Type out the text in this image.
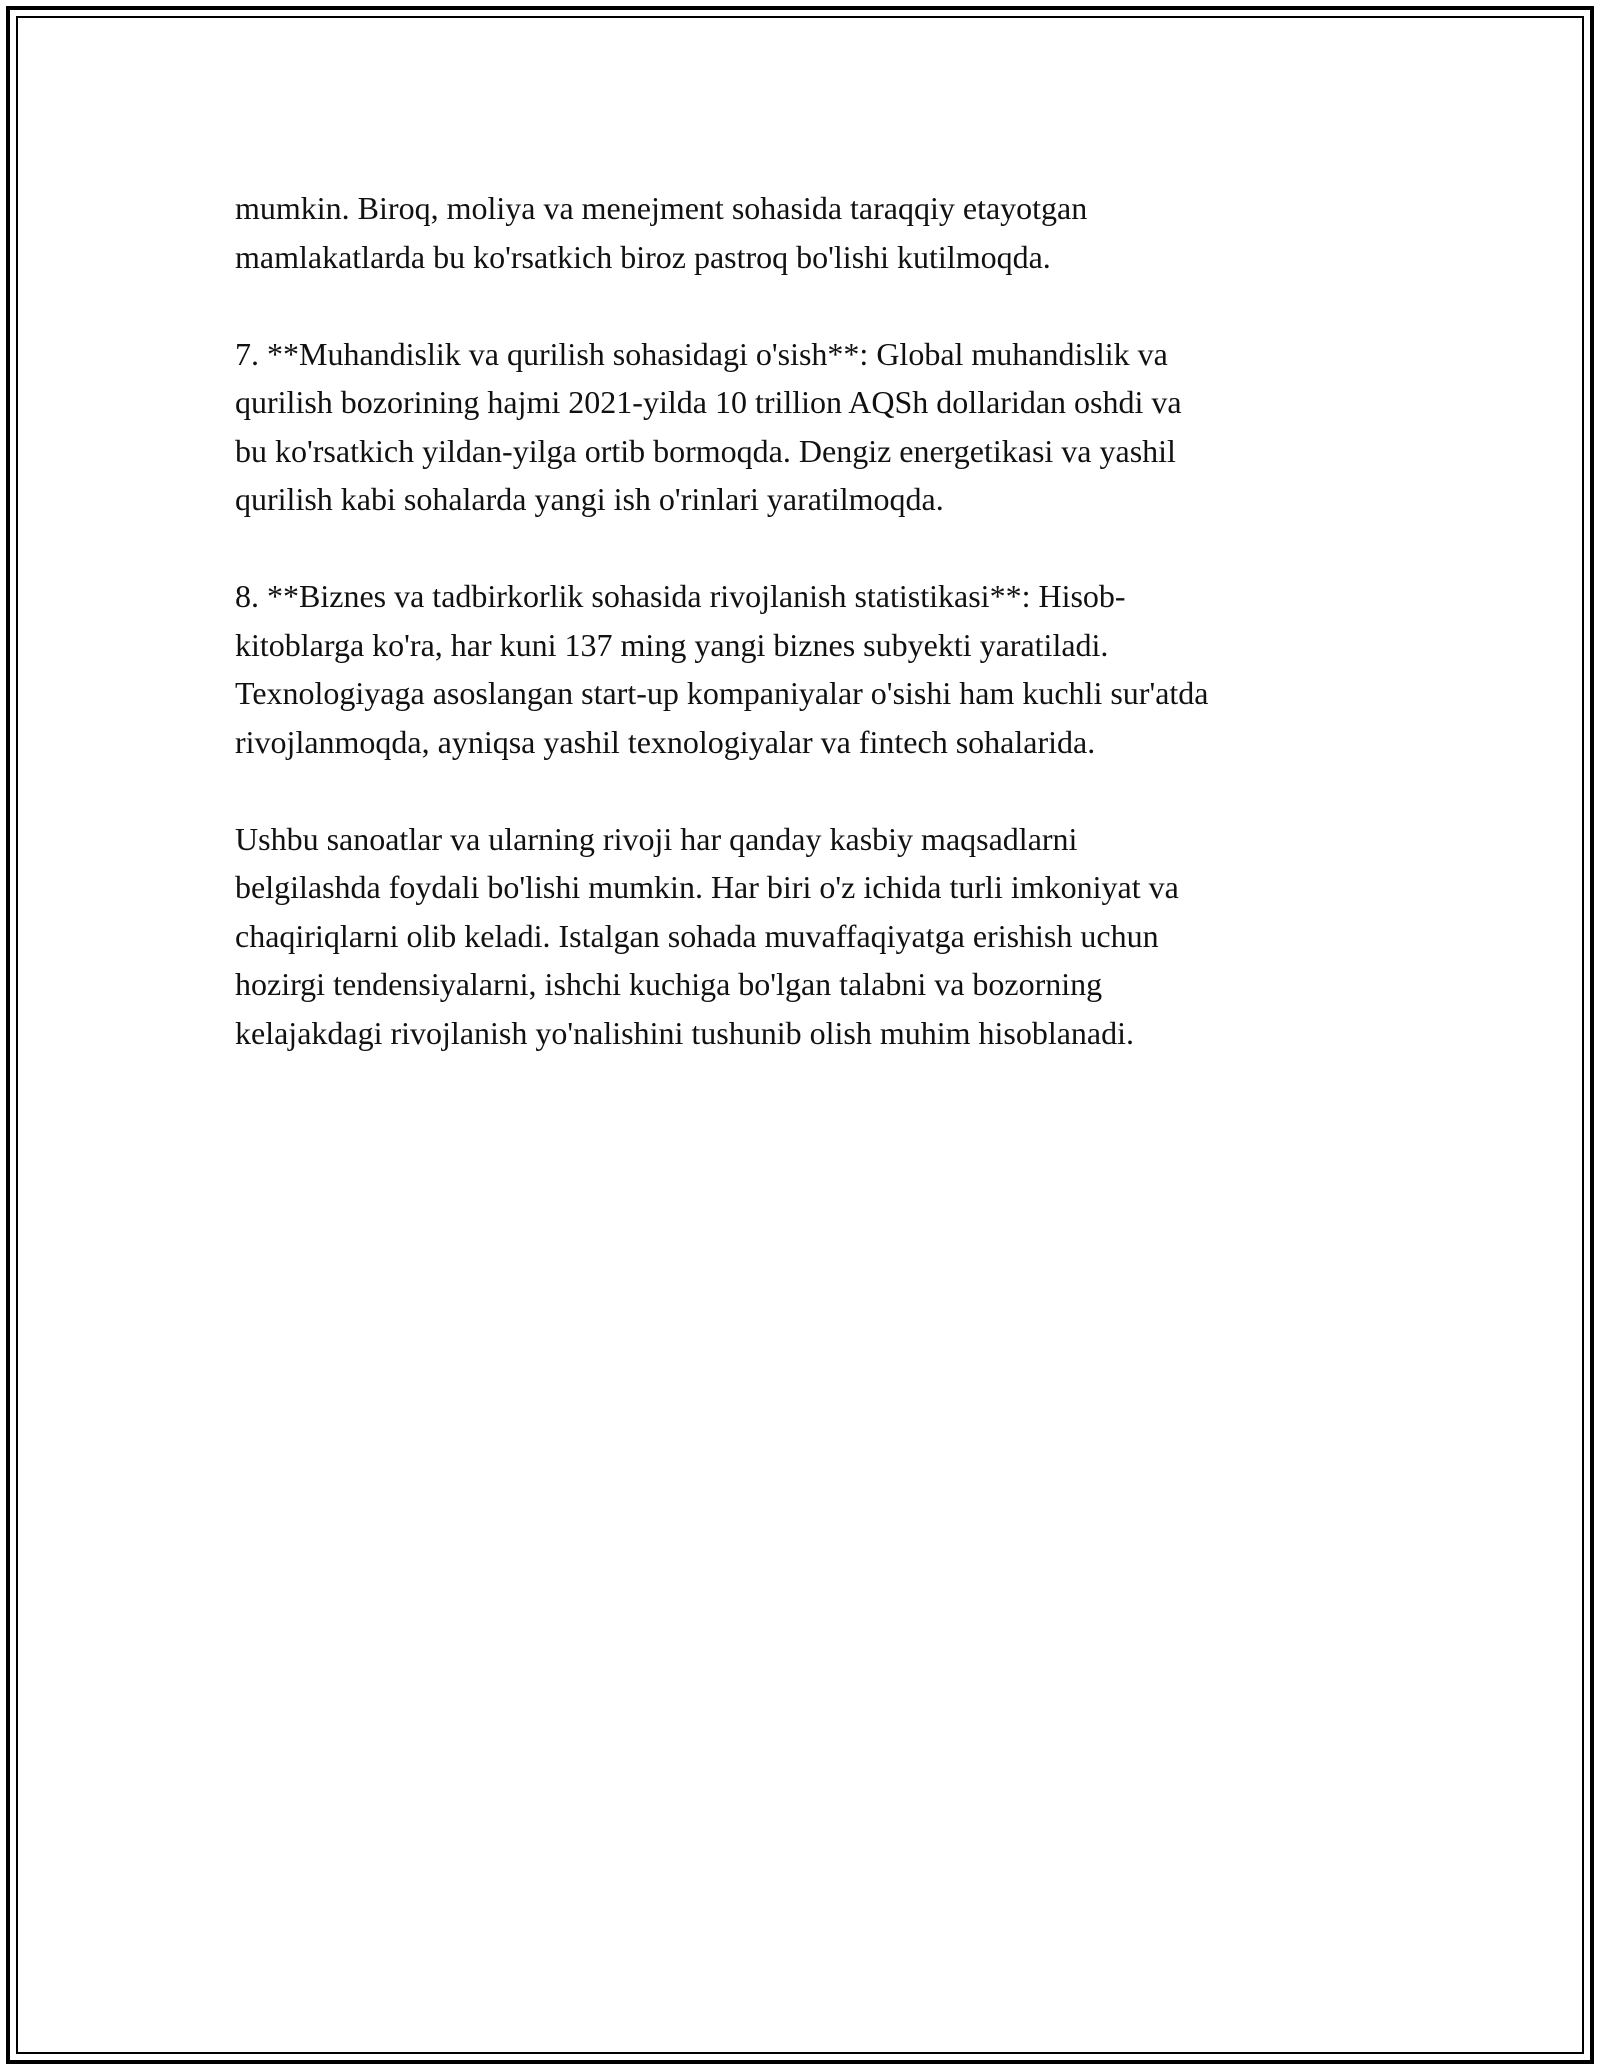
mumkin. Biroq, moliya va menejment sohasida taraqqiy etayotgan
mamlakatlarda bu ko'rsatkich biroz pastroq bo'lishi kutilmoqda.

7. **Muhandislik va qurilish sohasidagi o'sish**: Global muhandislik va
qurilish bozorining hajmi 2021-yilda 10 trillion AQSh dollaridan oshdi va
bu ko'rsatkich yildan-yilga ortib bormoqda. Dengiz energetikasi va yashil
qurilish kabi sohalarda yangi ish o'rinlari yaratilmoqda.

8. **Biznes va tadbirkorlik sohasida rivojlanish statistikasi**: Hisob-
kitoblarga ko'ra, har kuni 137 ming yangi biznes subyekti yaratiladi.
Texnologiyaga asoslangan start-up kompaniyalar o'sishi ham kuchli sur'atda
rivojlanmoqda, ayniqsa yashil texnologiyalar va fintech sohalarida.

Ushbu sanoatlar va ularning rivoji har qanday kasbiy maqsadlarni
belgilashda foydali bo'lishi mumkin. Har biri o'z ichida turli imkoniyat va
chaqiriqlarni olib keladi. Istalgan sohada muvaffaqiyatga erishish uchun
hozirgi tendensiyalarni, ishchi kuchiga bo'lgan talabni va bozorning
kelajakdagi rivojlanish yo'nalishini tushunib olish muhim hisoblanadi.
